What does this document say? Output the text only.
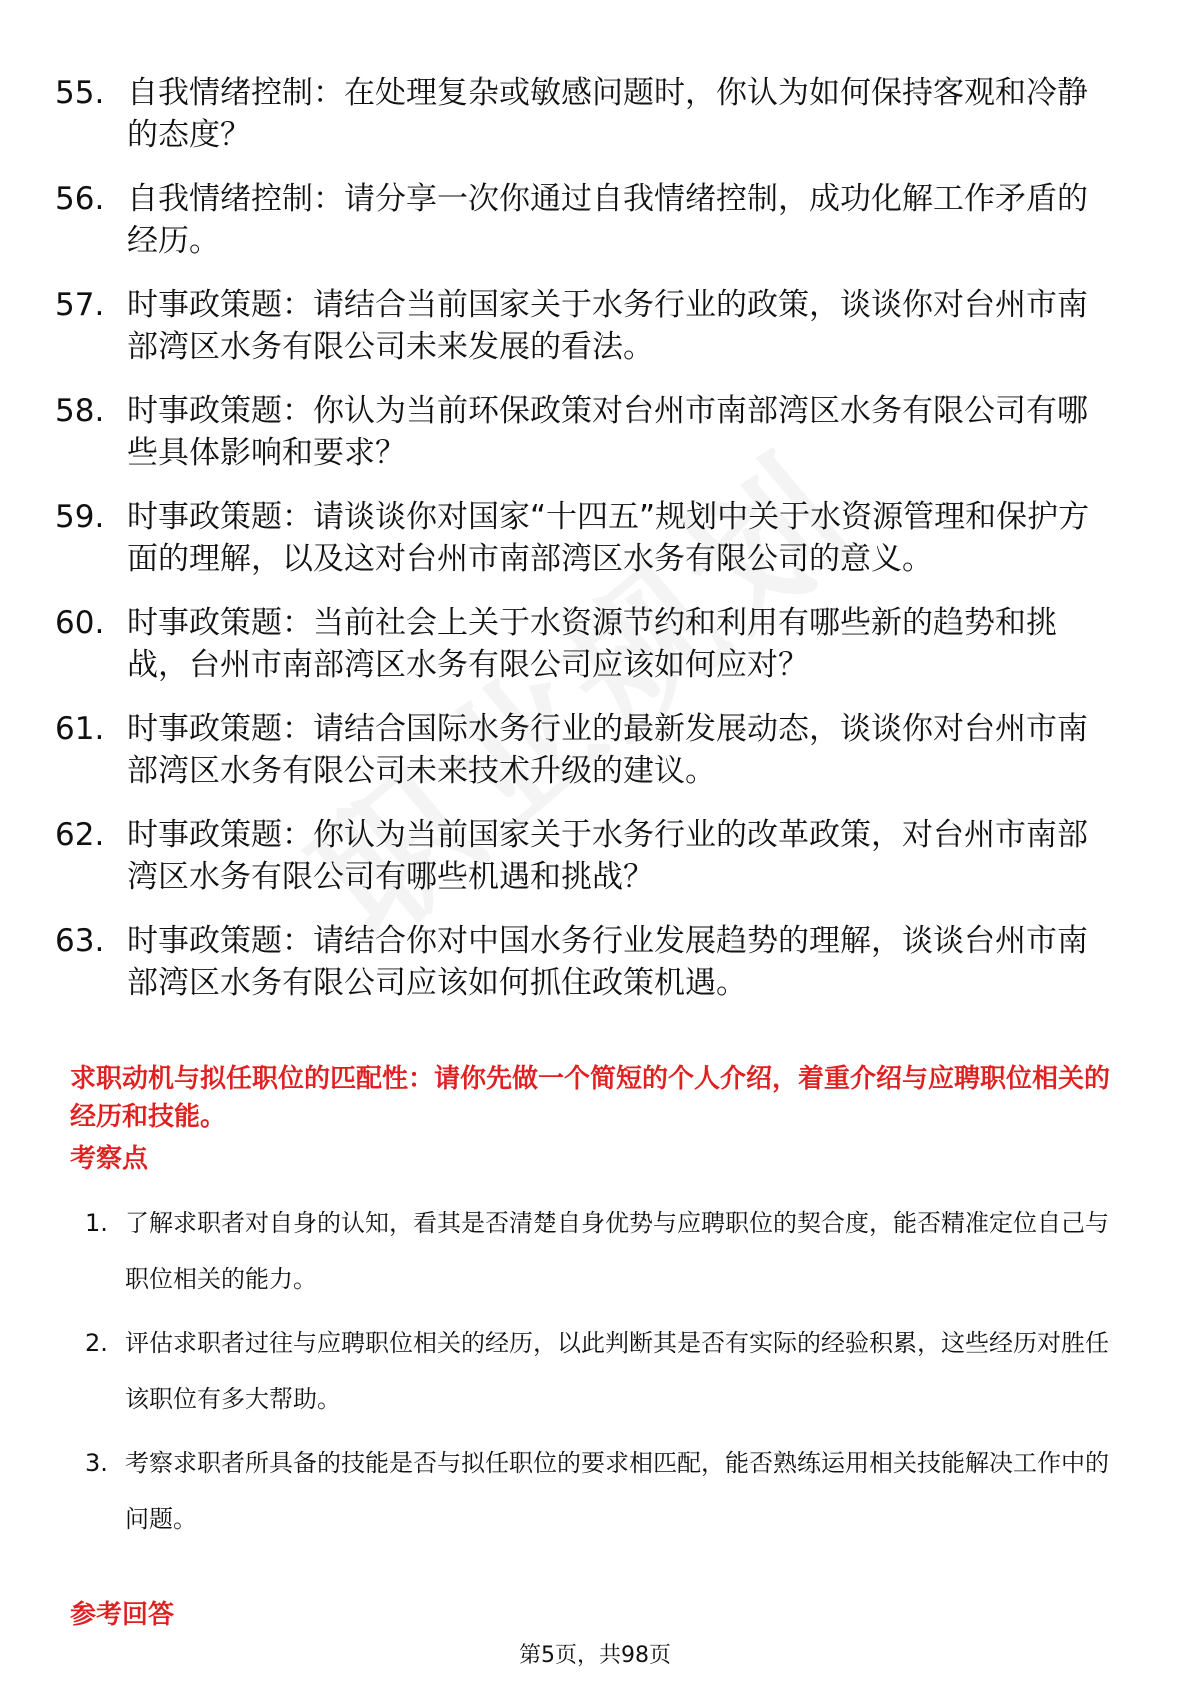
55. 自我情绪控制：在处理复杂或敏感问题时，你认为如何保持客观和冷静的态度？
56. 自我情绪控制：请分享一次你通过自我情绪控制，成功化解工作矛盾的经历。
57. 时事政策题：请结合当前国家关于水务行业的政策，谈谈你对台州市南部湾区水务有限公司未来发展的看法。
58. 时事政策题：你认为当前环保政策对台州市南部湾区水务有限公司有哪些具体影响和要求？
59. 时事政策题：请谈谈你对国家“十四五”规划中关于水资源管理和保护方面的理解，以及这对台州市南部湾区水务有限公司的意义。
60. 时事政策题：当前社会上关于水资源节约和利用有哪些新的趋势和挑战，台州市南部湾区水务有限公司应该如何应对？
61. 时事政策题：请结合国际水务行业的最新发展动态，谈谈你对台州市南部湾区水务有限公司未来技术升级的建议。
62. 时事政策题：你认为当前国家关于水务行业的改革政策，对台州市南部湾区水务有限公司有哪些机遇和挑战？
63. 时事政策题：请结合你对中国水务行业发展趋势的理解，谈谈台州市南部湾区水务有限公司应该如何抓住政策机遇。
求职动机与拟任职位的匹配性：请你先做一个简短的个人介绍，着重介绍与应聘职位相关的经历和技能。
考察点
1. 了解求职者对自身的认知，看其是否清楚自身优势与应聘职位的契合度，能否精准定位自己与职位相关的能力。
2. 评估求职者过往与应聘职位相关的经历，以此判断其是否有实际的经验积累，这些经历对胜任该职位有多大帮助。
3. 考察求职者所具备的技能是否与拟任职位的要求相匹配，能否熟练运用相关技能解决工作中的问题。
参考回答
第5页，共98页
